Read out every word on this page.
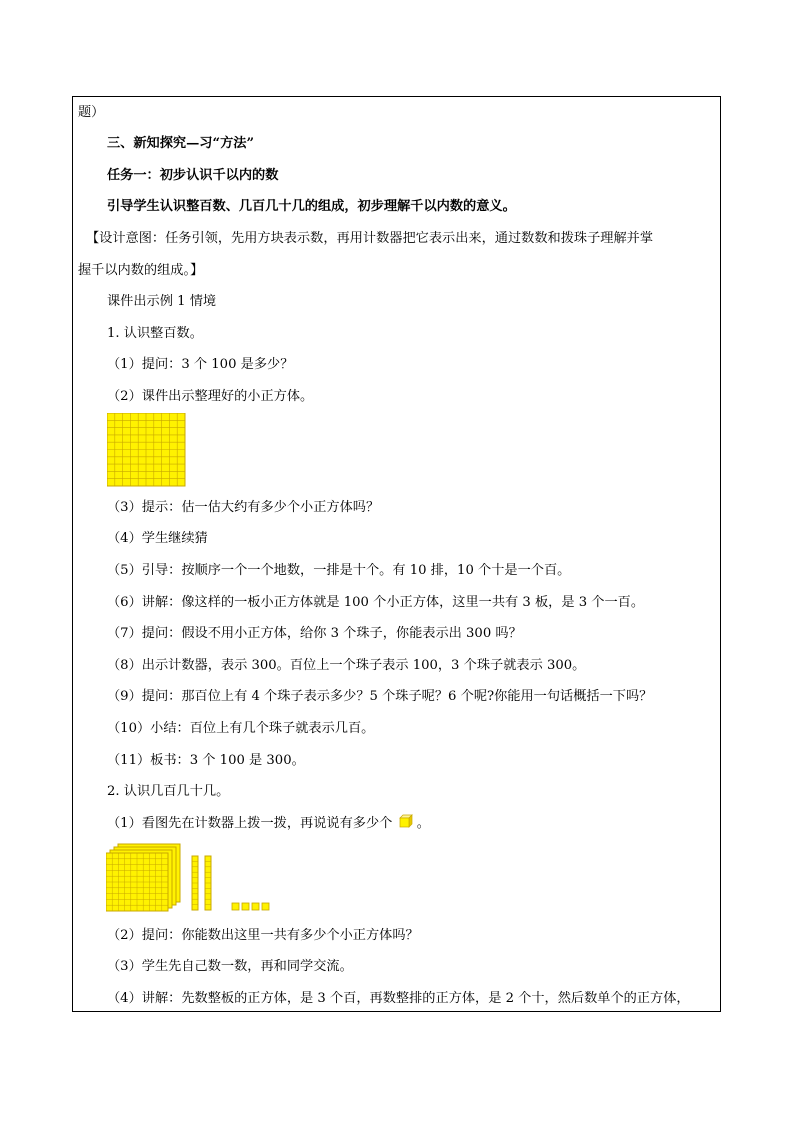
题）
三、新知探究—习“方法”
任务一：初步认识千以内的数
引导学生认识整百数、几百几十几的组成，初步理解千以内数的意义。
【设计意图：任务引领，先用方块表示数，再用计数器把它表示出来，通过数数和拨珠子理解并掌
握千以内数的组成。】
课件出示例 1 情境
1. 认识整百数。
（1）提问：3 个 100 是多少？
（2）课件出示整理好的小正方体。
（3）提示：估一估大约有多少个小正方体吗？
（4）学生继续猜
（5）引导：按顺序一个一个地数，一排是十个。有 10 排，10 个十是一个百。
（6）讲解：像这样的一板小正方体就是 100 个小正方体，这里一共有 3 板，是 3 个一百。
（7）提问：假设不用小正方体，给你 3 个珠子，你能表示出 300 吗？
（8）出示计数器，表示 300。百位上一个珠子表示 100，3 个珠子就表示 300。
（9）提问：那百位上有 4 个珠子表示多少？5 个珠子呢？6 个呢?你能用一句话概括一下吗？
（10）小结：百位上有几个珠子就表示几百。
（11）板书：3 个 100 是 300。
2. 认识几百几十几。
（1）看图先在计数器上拨一拨，再说说有多少个 。
（2）提问：你能数出这里一共有多少个小正方体吗？
（3）学生先自己数一数，再和同学交流。
（4）讲解：先数整板的正方体，是 3 个百，再数整排的正方体，是 2 个十，然后数单个的正方体，
